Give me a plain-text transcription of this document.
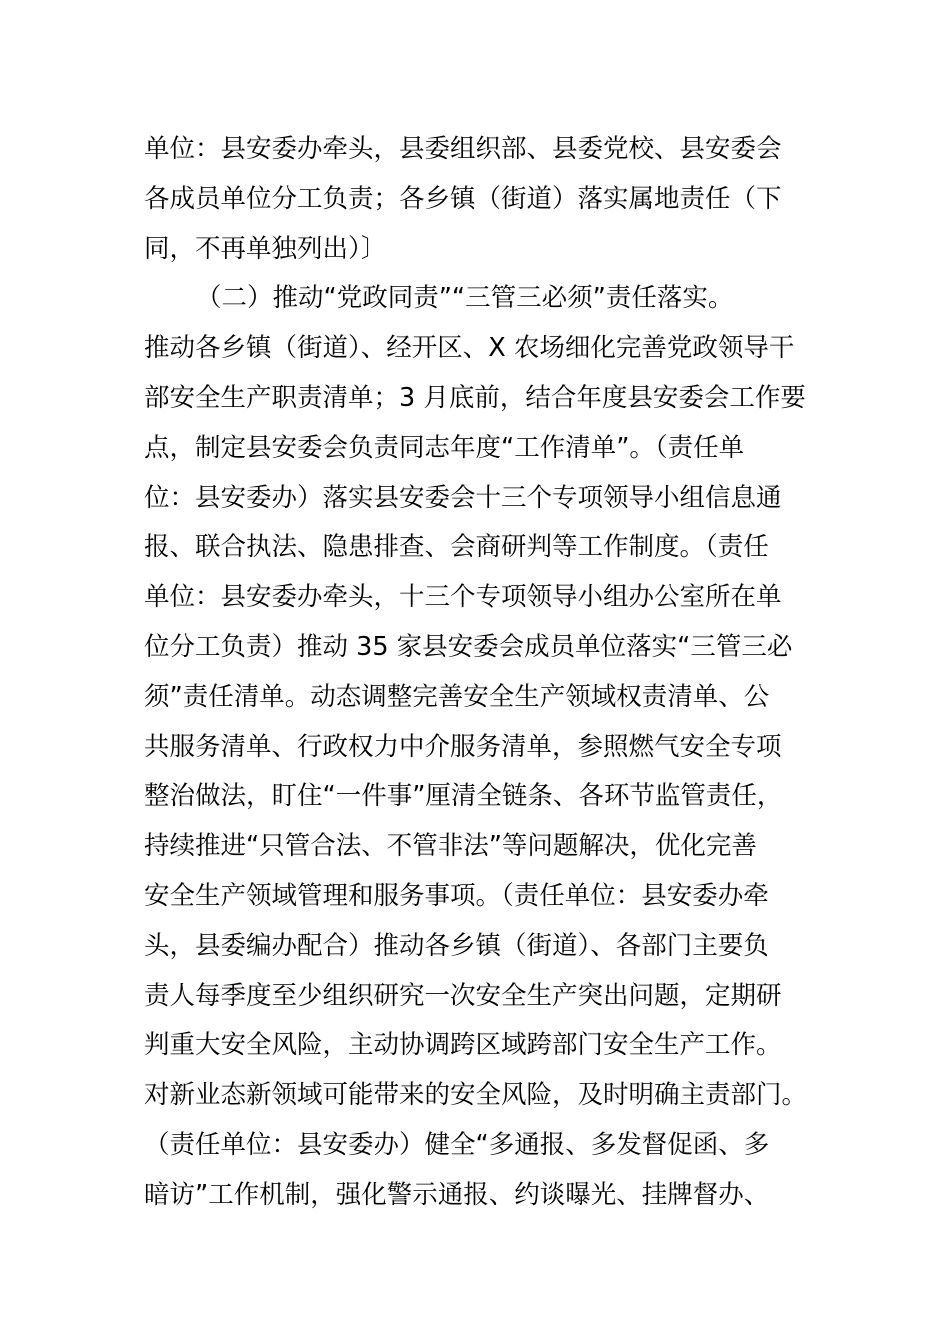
单位：县安委办牵头，县委组织部、县委党校、县安委会
各成员单位分工负责；各乡镇（街道）落实属地责任（下
同，不再单独列出）〕
（二）推动“党政同责”“三管三必须”责任落实。
推动各乡镇（街道）、经开区、X 农场细化完善党政领导干
部安全生产职责清单；3 月底前，结合年度县安委会工作要
点，制定县安委会负责同志年度“工作清单”。（责任单
位：县安委办）落实县安委会十三个专项领导小组信息通
报、联合执法、隐患排查、会商研判等工作制度。（责任
单位：县安委办牵头，十三个专项领导小组办公室所在单
位分工负责）推动 35 家县安委会成员单位落实“三管三必
须”责任清单。动态调整完善安全生产领域权责清单、公
共服务清单、行政权力中介服务清单，参照燃气安全专项
整治做法，盯住“一件事”厘清全链条、各环节监管责任，
持续推进“只管合法、不管非法”等问题解决，优化完善
安全生产领域管理和服务事项。（责任单位：县安委办牵
头，县委编办配合）推动各乡镇（街道）、各部门主要负
责人每季度至少组织研究一次安全生产突出问题，定期研
判重大安全风险，主动协调跨区域跨部门安全生产工作。
对新业态新领域可能带来的安全风险，及时明确主责部门。
（责任单位：县安委办）健全“多通报、多发督促函、多
暗访”工作机制，强化警示通报、约谈曝光、挂牌督办、
